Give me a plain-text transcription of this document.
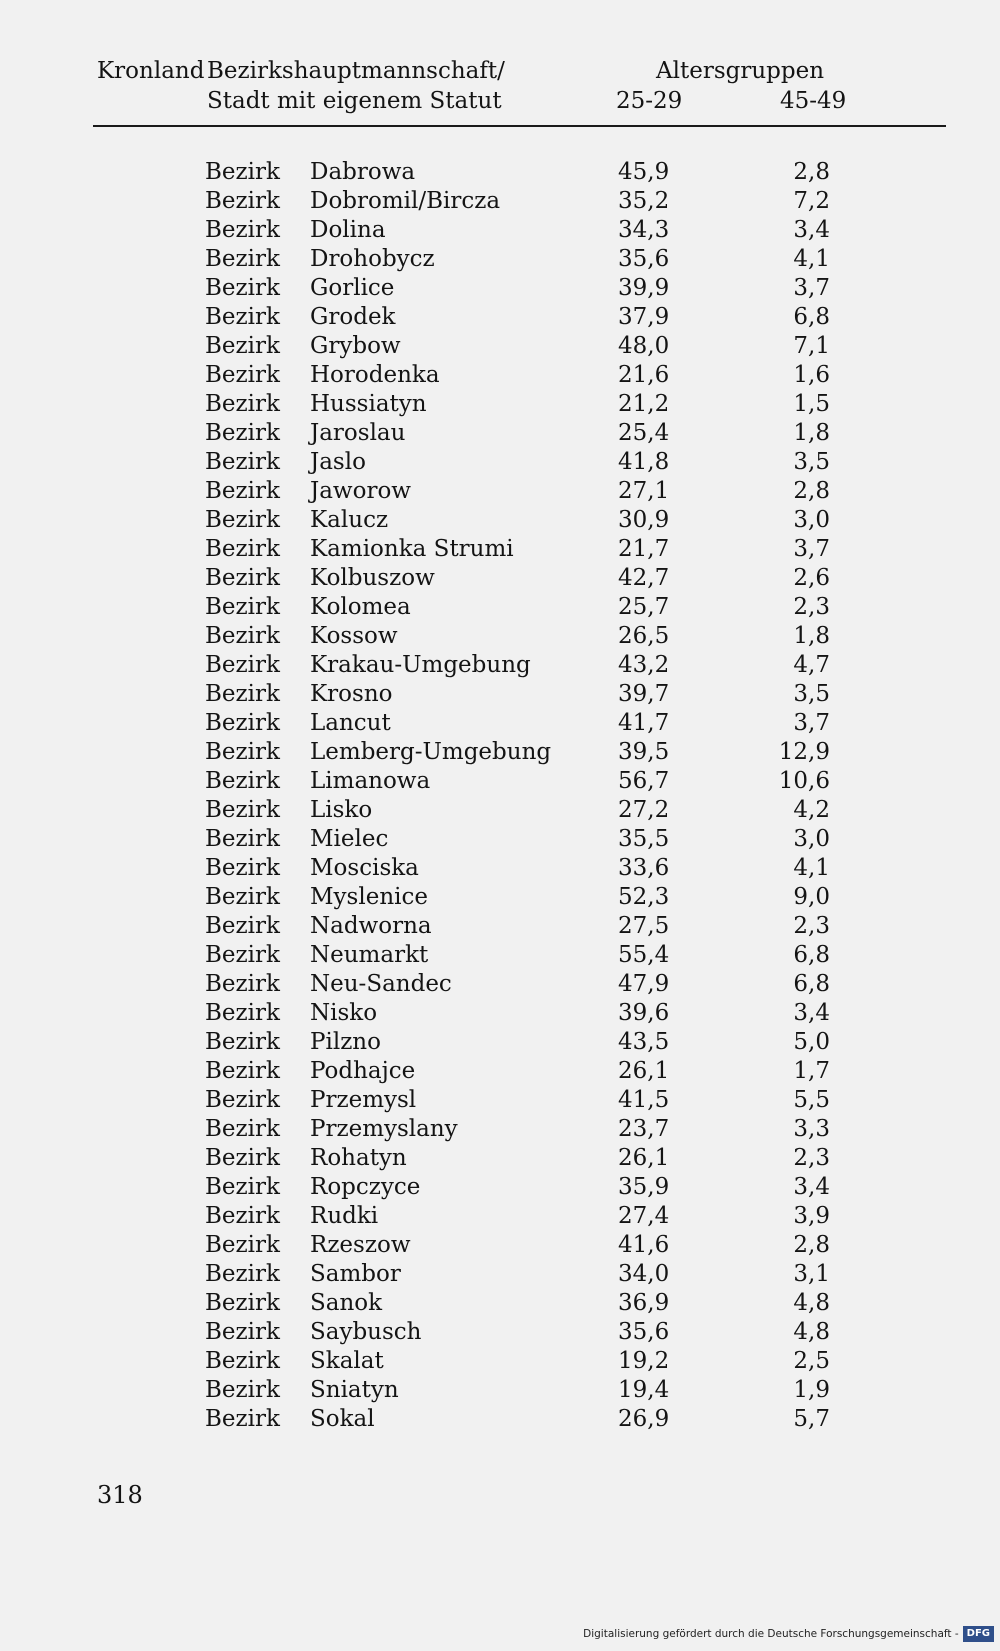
Kronland Bezirkshauptmannschaft/
Stadt mit eigenem Statut
Altersgruppen
25-29	45-49
Bezirk Dabrowa	45,9	2,8
Bezirk Dobromil/Bircza	35,2	7,2
Bezirk Dolina	34,3	3,4
Bezirk Drohobycz	35,6	4,1
Bezirk Gorlice	39,9	3,7
Bezirk Grodek	37,9	6,8
Bezirk Grybow	48,0	7,1
Bezirk Horodenka	21,6	1,6
Bezirk Hussiatyn	21,2	1,5
Bezirk Jaroslau	25,4	1,8
Bezirk Jaslo	41,8	3,5
Bezirk Jaworow	27,1	2,8
Bezirk Kalucz	30,9	3,0
Bezirk Kamionka Strumi	21,7	3,7
Bezirk Kolbuszow	42,7	2,6
Bezirk Kolomea	25,7	2,3
Bezirk Kossow	26,5	1,8
Bezirk Krakau-Umgebung	43,2	4,7
Bezirk Krosno	39,7	3,5
Bezirk Lancut	41,7	3,7
Bezirk Lemberg-Umgebung	39,5	12,9
Bezirk Limanowa	56,7	10,6
Bezirk Lisko	27,2	4,2
Bezirk Mielec	35,5	3,0
Bezirk Mosciska	33,6	4,1
Bezirk Myslenice	52,3	9,0
Bezirk Nadworna	27,5	2,3
Bezirk Neumarkt	55,4	6,8
Bezirk Neu-Sandec	47,9	6,8
Bezirk Nisko	39,6	3,4
Bezirk Pilzno	43,5	5,0
Bezirk Podhajce	26,1	1,7
Bezirk Przemysl	41,5	5,5
Bezirk Przemyslany	23,7	3,3
Bezirk Rohatyn	26,1	2,3
Bezirk Ropczyce	35,9	3,4
Bezirk Rudki	27,4	3,9
Bezirk Rzeszow	41,6	2,8
Bezirk Sambor	34,0	3,1
Bezirk Sanok	36,9	4,8
Bezirk Saybusch	35,6	4,8
Bezirk Skalat	19,2	2,5
Bezirk Sniatyn	19,4	1,9
Bezirk Sokal	26,9	5,7
318
Digitalisierung gefördert durch die Deutsche Forschungsgemeinschaft - DFG
